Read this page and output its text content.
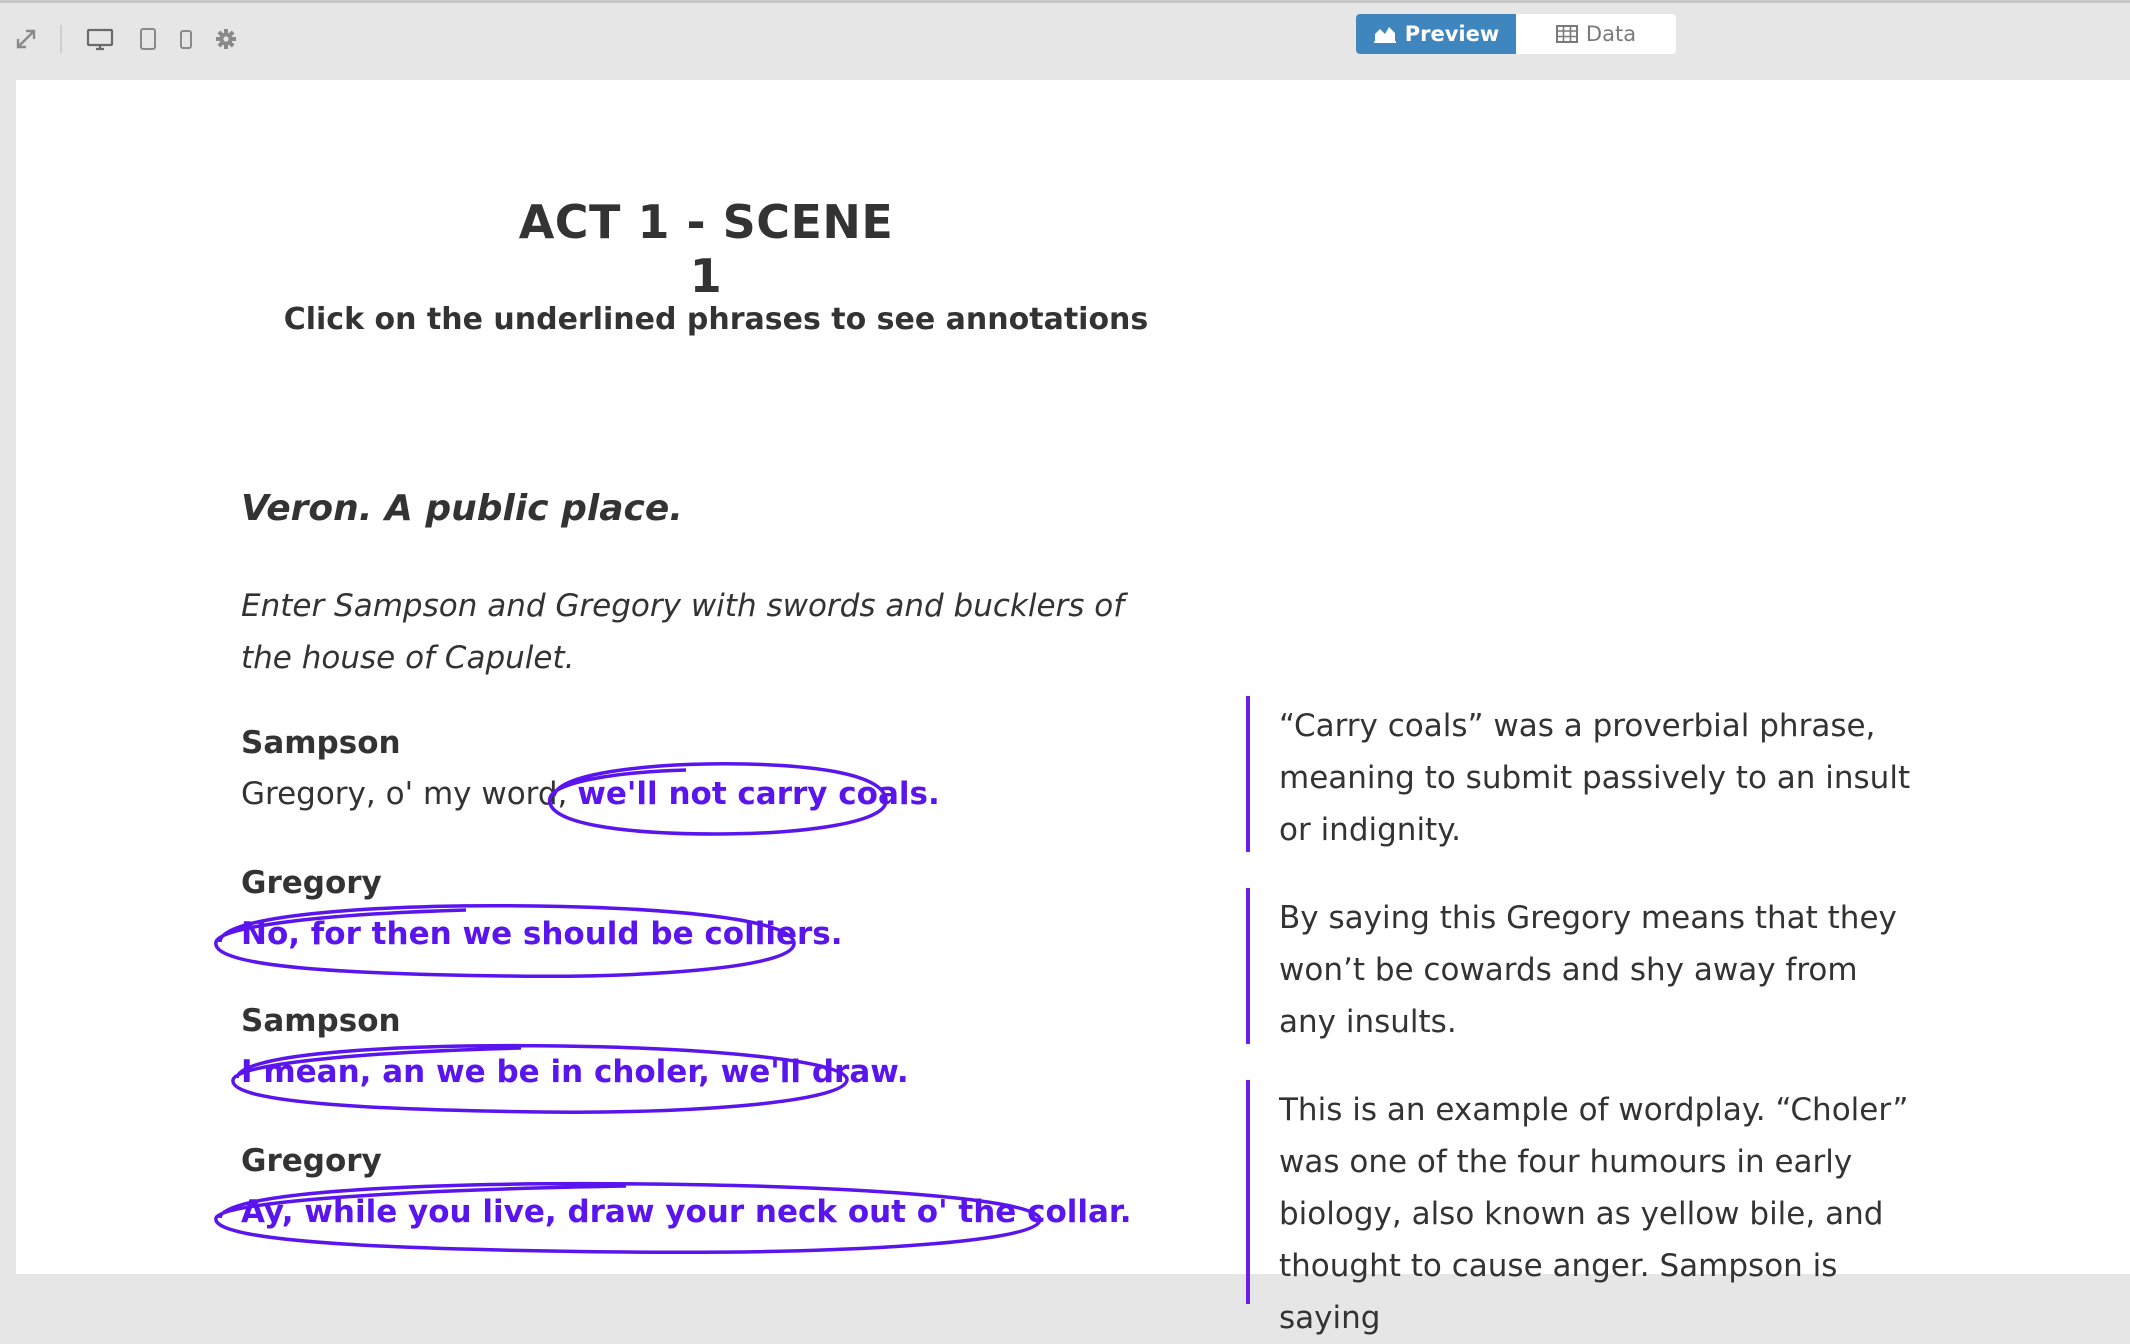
Preview	Data
ACT 1 - SCENE 1
Click on the underlined phrases to see annotations
Veron. A public place.
Enter Sampson and Gregory with swords and bucklers of the house of Capulet.
Sampson
Gregory, o' my word, we'll not carry coals.
Gregory
No, for then we should be colliers.
Sampson
I mean, an we be in choler, we'll draw.
Gregory
Ay, while you live, draw your neck out o' the collar.
“Carry coals” was a proverbial phrase, meaning to submit passively to an insult or indignity.
By saying this Gregory means that they won’t be cowards and shy away from any insults.
This is an example of wordplay. “Choler” was one of the four humours in early biology, also known as yellow bile, and thought to cause anger. Sampson is saying
